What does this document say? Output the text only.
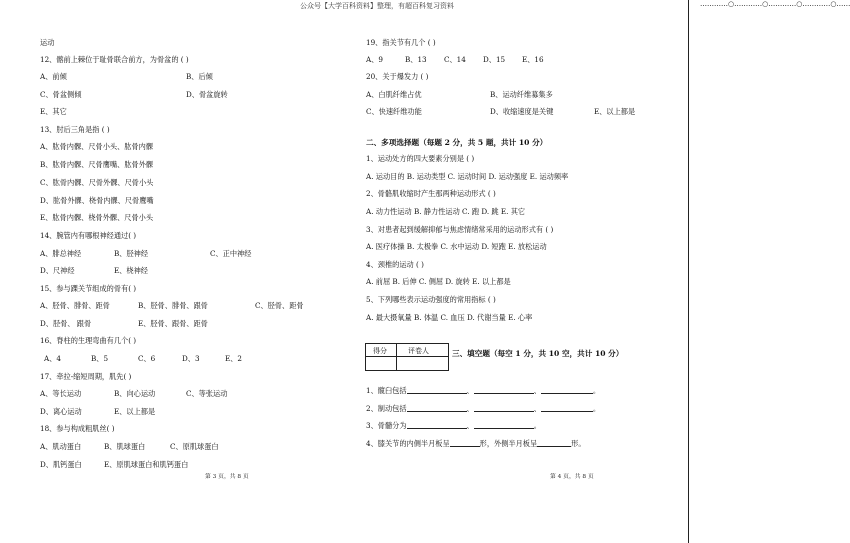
公众号【大学百科资料】整理，有超百科复习资料	…………○…………○…………○…………○……
运动
12、髂前上棘位于耻骨联合前方，为骨盆的 ( )
A、前倾	B、后倾
C、骨盆侧倾	D、骨盆旋转
E、其它
13、肘后三角是指 ( )
A、肱骨内髁、尺骨小头、肱骨内髁
B、肱骨内髁、尺骨鹰嘴、肱骨外髁
C、肱骨内髁、尺骨外髁、尺骨小头
D、肱骨外髁、桡骨内髁、尺骨鹰嘴
E、肱骨内髁、桡骨外髁、尺骨小头
14、腕管内有哪根神经通过( )
A、腓总神经	B、胫神经	C、正中神经
D、尺神经	E、桡神经
15、参与踝关节组成的骨有( )
A、胫骨、腓骨、距骨	B、胫骨、腓骨、跟骨	C、胫骨、距骨
D、胫骨、 跟骨	E、胫骨、跟骨、距骨
16、脊柱的生理弯曲有几个( )
A、4	B、5	C、6	D、3	E、2
17、牵拉-缩短周期，肌先( )
A、等长运动	B、向心运动	C、等张运动
D、离心运动	E、以上都是
18、参与构成粗肌丝( )
A、肌动蛋白	B、肌球蛋白	C、原肌球蛋白
D、肌钙蛋白	E、原肌球蛋白和肌钙蛋白
19、指关节有几个 ( )
A、9	B、13 C、14 D、15 E、16
20、关于爆发力 ( )
A、白肌纤维占优	B、运动纤维募集多
C、快速纤维功能	D、收缩速度是关键	E、以上都是
二、多项选择题（每题 2 分，共 5 题，共计 10 分）
1、运动处方的四大要素分别是 ( )
A. 运动目的 B. 运动类型 C. 运动时间 D. 运动强度 E. 运动频率
2、骨骼肌收缩时产生那两种运动形式 ( )
A. 动力性运动 B. 静力性运动 C. 跑 D. 跳 E. 其它
3、对患者起到缓解抑郁与焦虑情绪常采用的运动形式有 ( )
A. 医疗体操 B. 太极拳 C. 水中运动 D. 短跑 E. 放松运动
4、颈椎的运动 ( )
A. 前屈 B. 后伸 C. 侧屈 D. 旋转 E. 以上都是
5、下列哪些表示运动强度的常用指标 ( )
A. 最大摄氧量 B. 体温 C. 血压 D. 代谢当量 E. 心率
得分	评卷人	三、填空题（每空 1 分，共 10 空，共计 10 分）
1、髋臼包括	、	、	。
2、制动包括	、	、	。
3、骨髓分为	、	。
4、膝关节的内侧半月板呈	形，外侧半月板呈	形。
第 3 页，共 8 页	第 4 页，共 8 页
